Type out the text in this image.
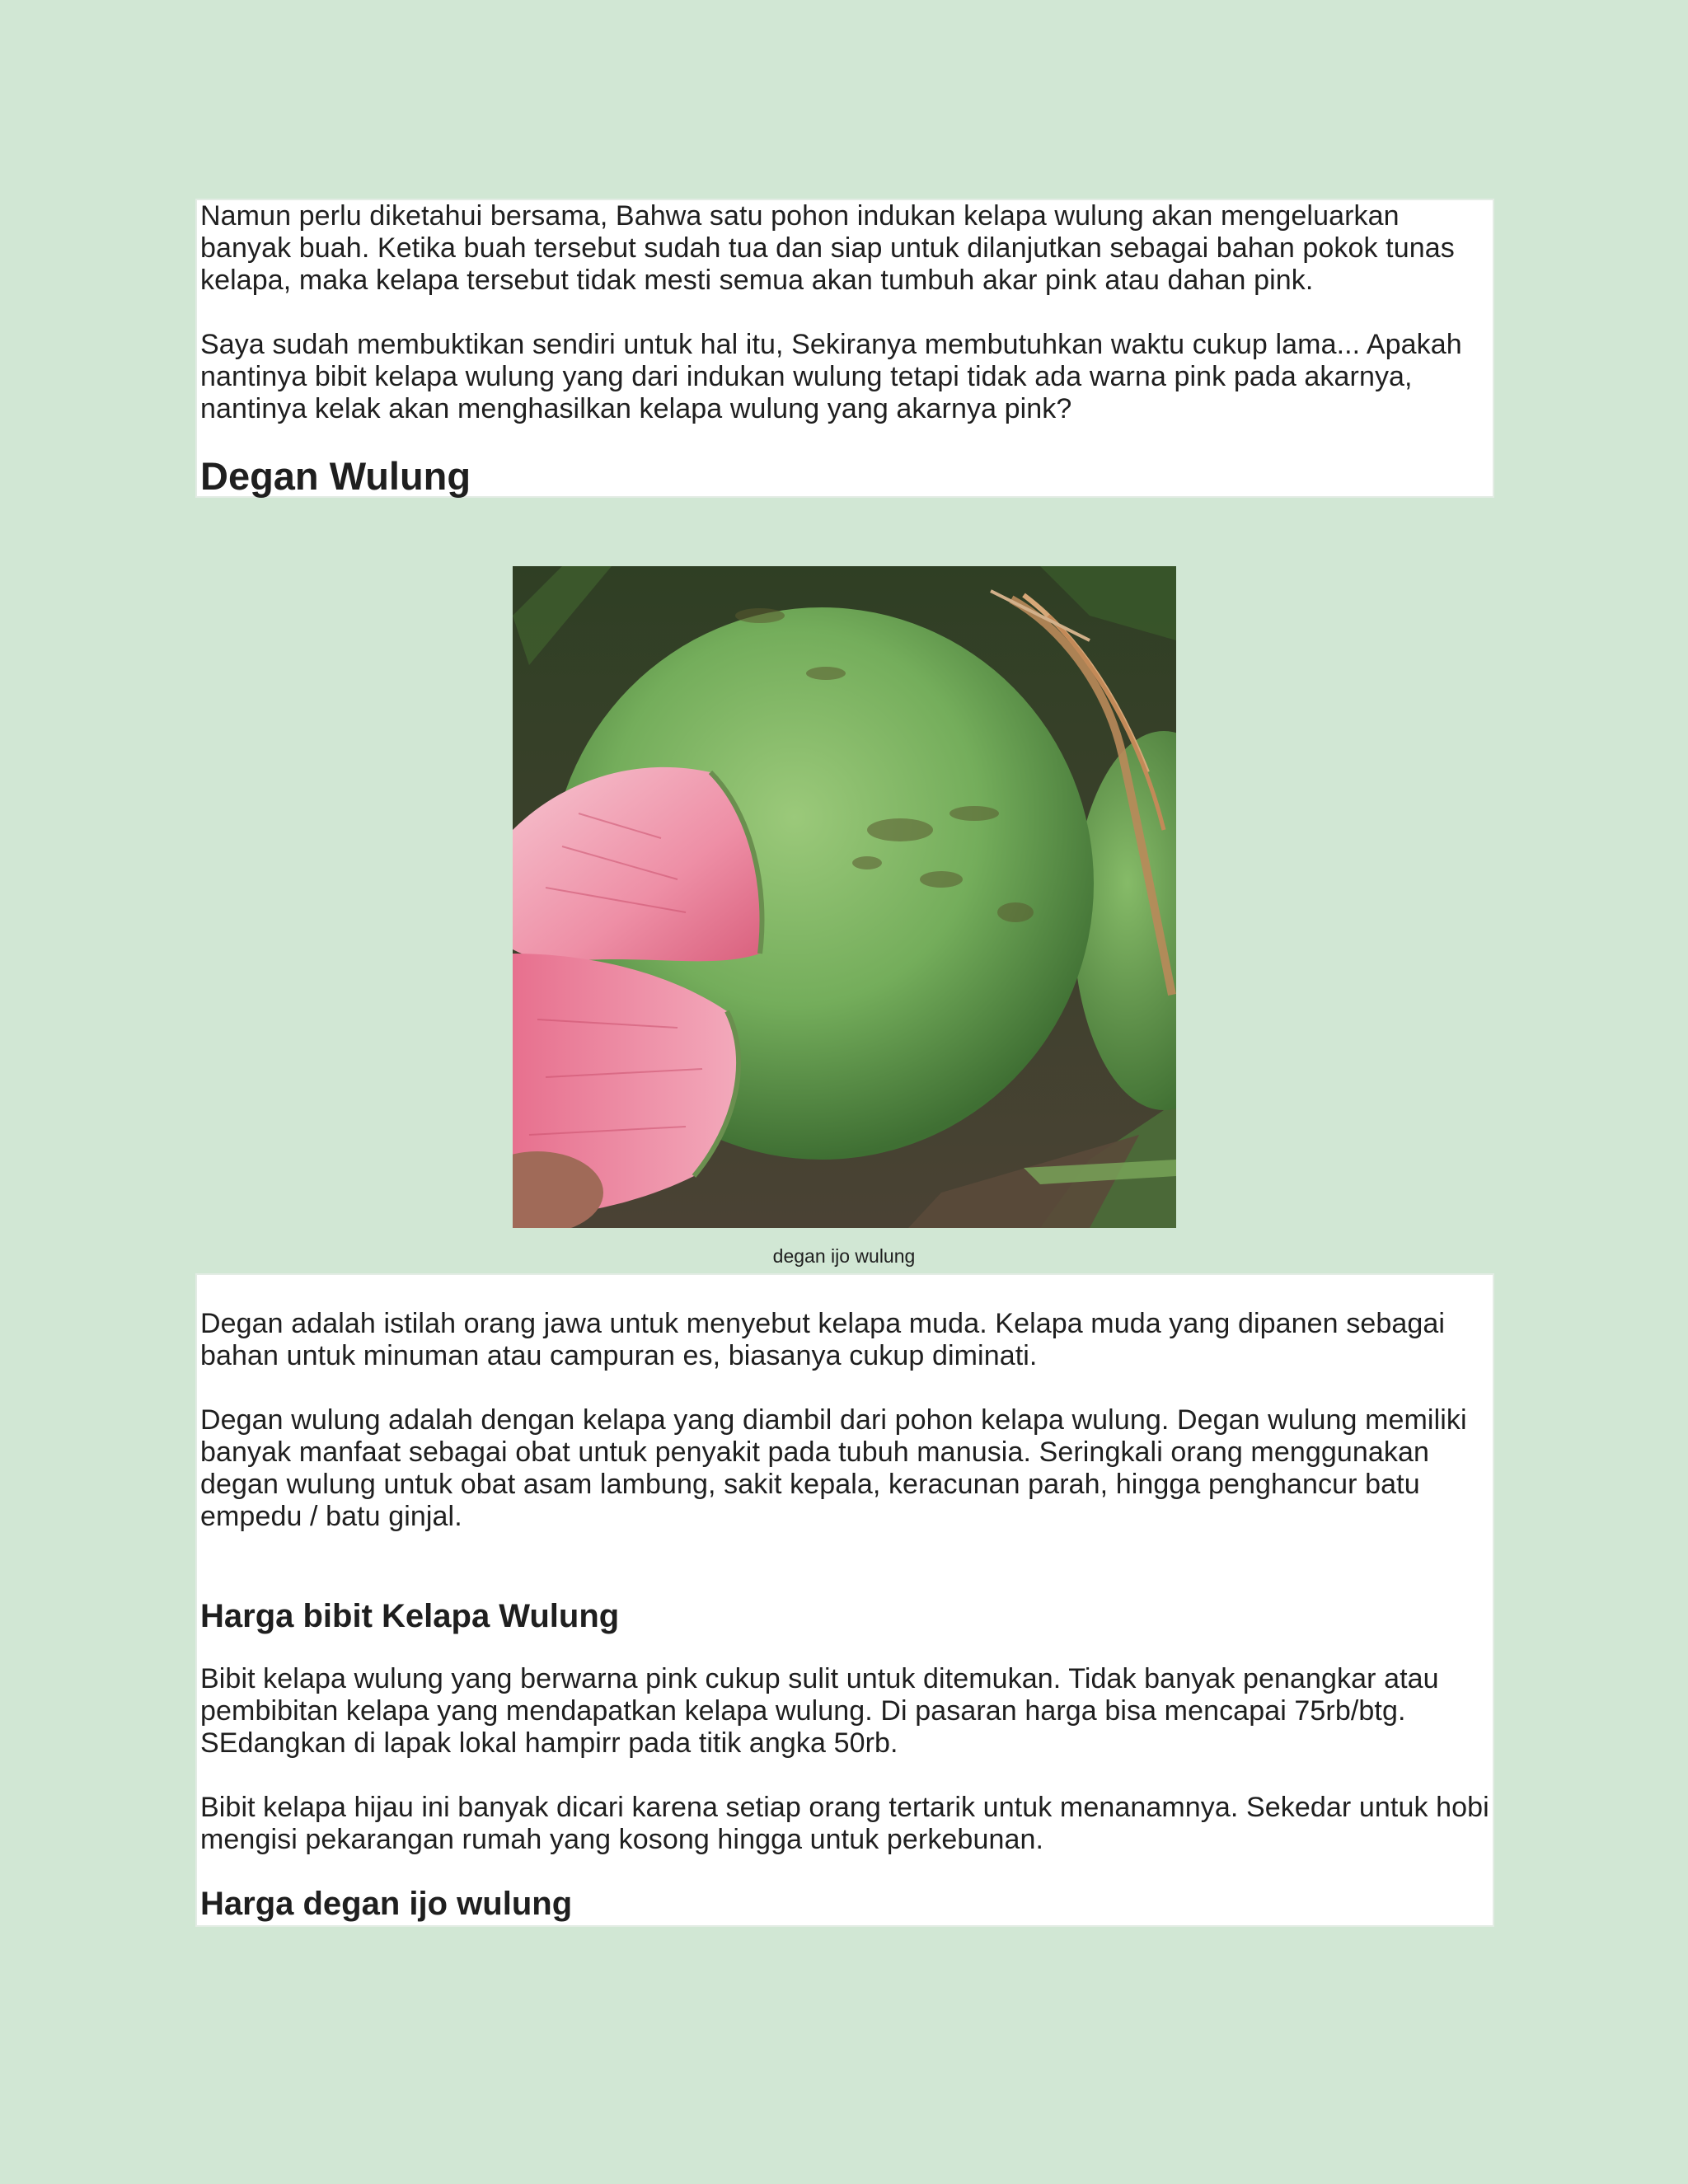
Namun perlu diketahui bersama, Bahwa satu pohon indukan kelapa wulung akan mengeluarkan banyak buah. Ketika buah tersebut sudah tua dan siap untuk dilanjutkan sebagai bahan pokok tunas kelapa, maka kelapa tersebut tidak mesti semua akan tumbuh akar pink atau dahan pink.

Saya sudah membuktikan sendiri untuk hal itu, Sekiranya membutuhkan waktu cukup lama... Apakah nantinya bibit kelapa wulung yang dari indukan wulung tetapi tidak ada warna pink pada akarnya, nantinya kelak akan menghasilkan kelapa wulung yang akarnya pink?

Degan Wulung
degan ijo wulung

Degan adalah istilah orang jawa untuk menyebut kelapa muda. Kelapa muda yang dipanen sebagai bahan untuk minuman atau campuran es, biasanya cukup diminati.

Degan wulung adalah dengan kelapa yang diambil dari pohon kelapa wulung. Degan wulung memiliki banyak manfaat sebagai obat untuk penyakit pada tubuh manusia. Seringkali orang menggunakan degan wulung untuk obat asam lambung, sakit kepala, keracunan parah, hingga penghancur batu empedu / batu ginjal.

Harga bibit Kelapa Wulung

Bibit kelapa wulung yang berwarna pink cukup sulit untuk ditemukan. Tidak banyak penangkar atau pembibitan kelapa yang mendapatkan kelapa wulung. Di pasaran harga bisa mencapai 75rb/btg. SEdangkan di lapak lokal hampirr pada titik angka 50rb.

Bibit kelapa hijau ini banyak dicari karena setiap orang tertarik untuk menanamnya. Sekedar untuk hobi mengisi pekarangan rumah yang kosong hingga untuk perkebunan.

Harga degan ijo wulung
